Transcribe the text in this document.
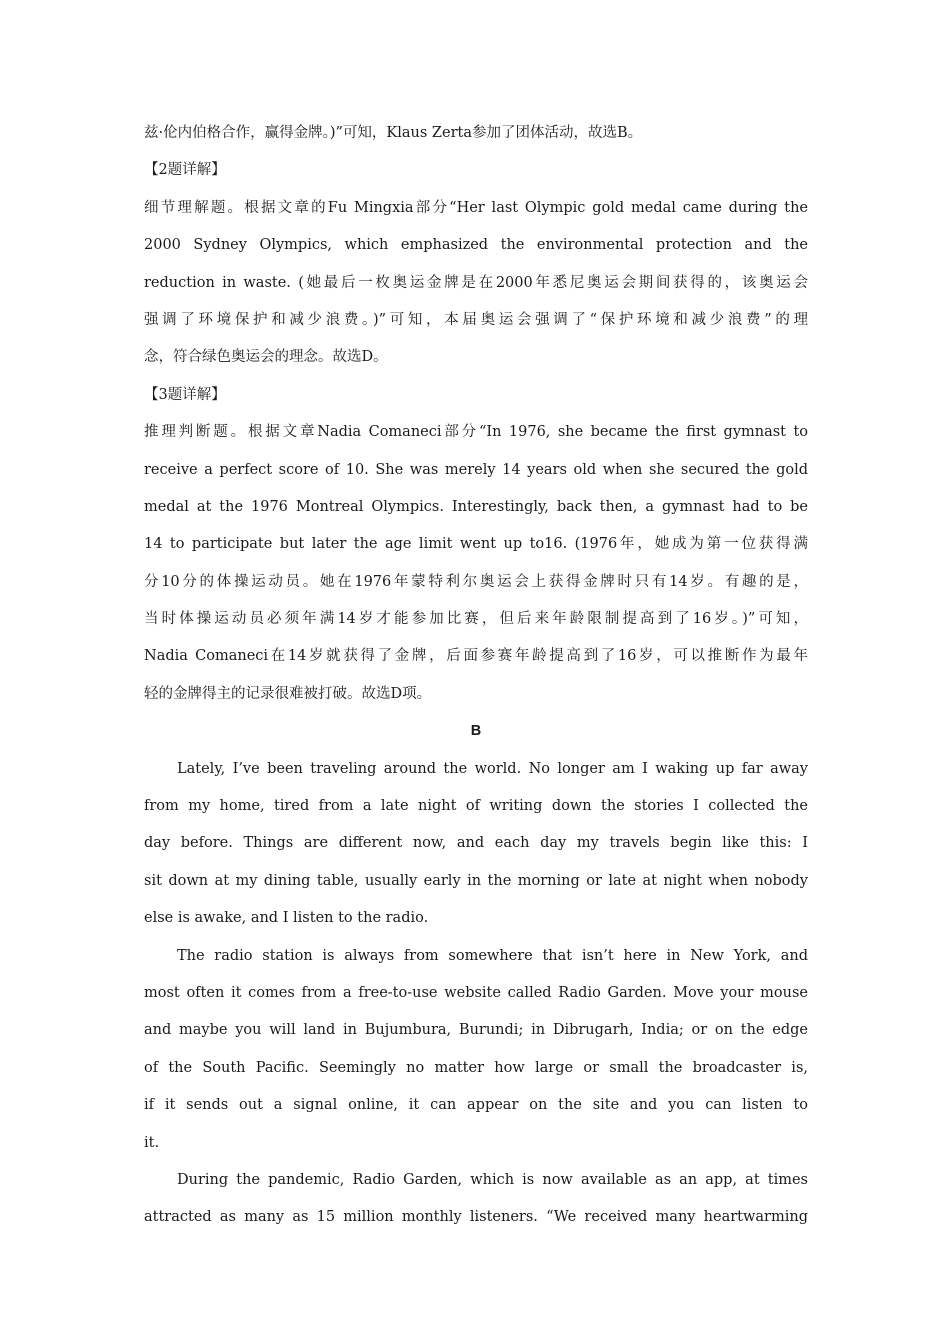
兹·伦内伯格合作，赢得金牌。)”可知，Klaus Zerta参加了团体活动，故选B。
【2题详解】
细节理解题。根据文章的Fu Mingxia部分“Her last Olympic gold medal came during the
2000 Sydney Olympics, which emphasized the environmental protection and the
reduction in waste. (她最后一枚奥运金牌是在2000年悉尼奥运会期间获得的，该奥运会
强调了环境保护和减少浪费。)”可知，本届奥运会强调了“保护环境和减少浪费”的理
念，符合绿色奥运会的理念。故选D。
【3题详解】
推理判断题。根据文章Nadia Comaneci部分“In 1976, she became the first gymnast to
receive a perfect score of 10. She was merely 14 years old when she secured the gold
medal at the 1976 Montreal Olympics. Interestingly, back then, a gymnast had to be
14 to participate but later the age limit went up to16. (1976年，她成为第一位获得满
分10分的体操运动员。她在1976年蒙特利尔奥运会上获得金牌时只有14岁。有趣的是，
当时体操运动员必须年满14岁才能参加比赛，但后来年龄限制提高到了16岁。)”可知，
Nadia Comaneci在14岁就获得了金牌，后面参赛年龄提高到了16岁，可以推断作为最年
轻的金牌得主的记录很难被打破。故选D项。
B
Lately, I’ve been traveling around the world. No longer am I waking up far away
from my home, tired from a late night of writing down the stories I collected the
day before. Things are different now, and each day my travels begin like this: I
sit down at my dining table, usually early in the morning or late at night when nobody
else is awake, and I listen to the radio.
The radio station is always from somewhere that isn’t here in New York, and
most often it comes from a free-to-use website called Radio Garden. Move your mouse
and maybe you will land in Bujumbura, Burundi; in Dibrugarh, India; or on the edge
of the South Pacific. Seemingly no matter how large or small the broadcaster is,
if it sends out a signal online, it can appear on the site and you can listen to
it.
During the pandemic, Radio Garden, which is now available as an app, at times
attracted as many as 15 million monthly listeners. “We received many heartwarming
